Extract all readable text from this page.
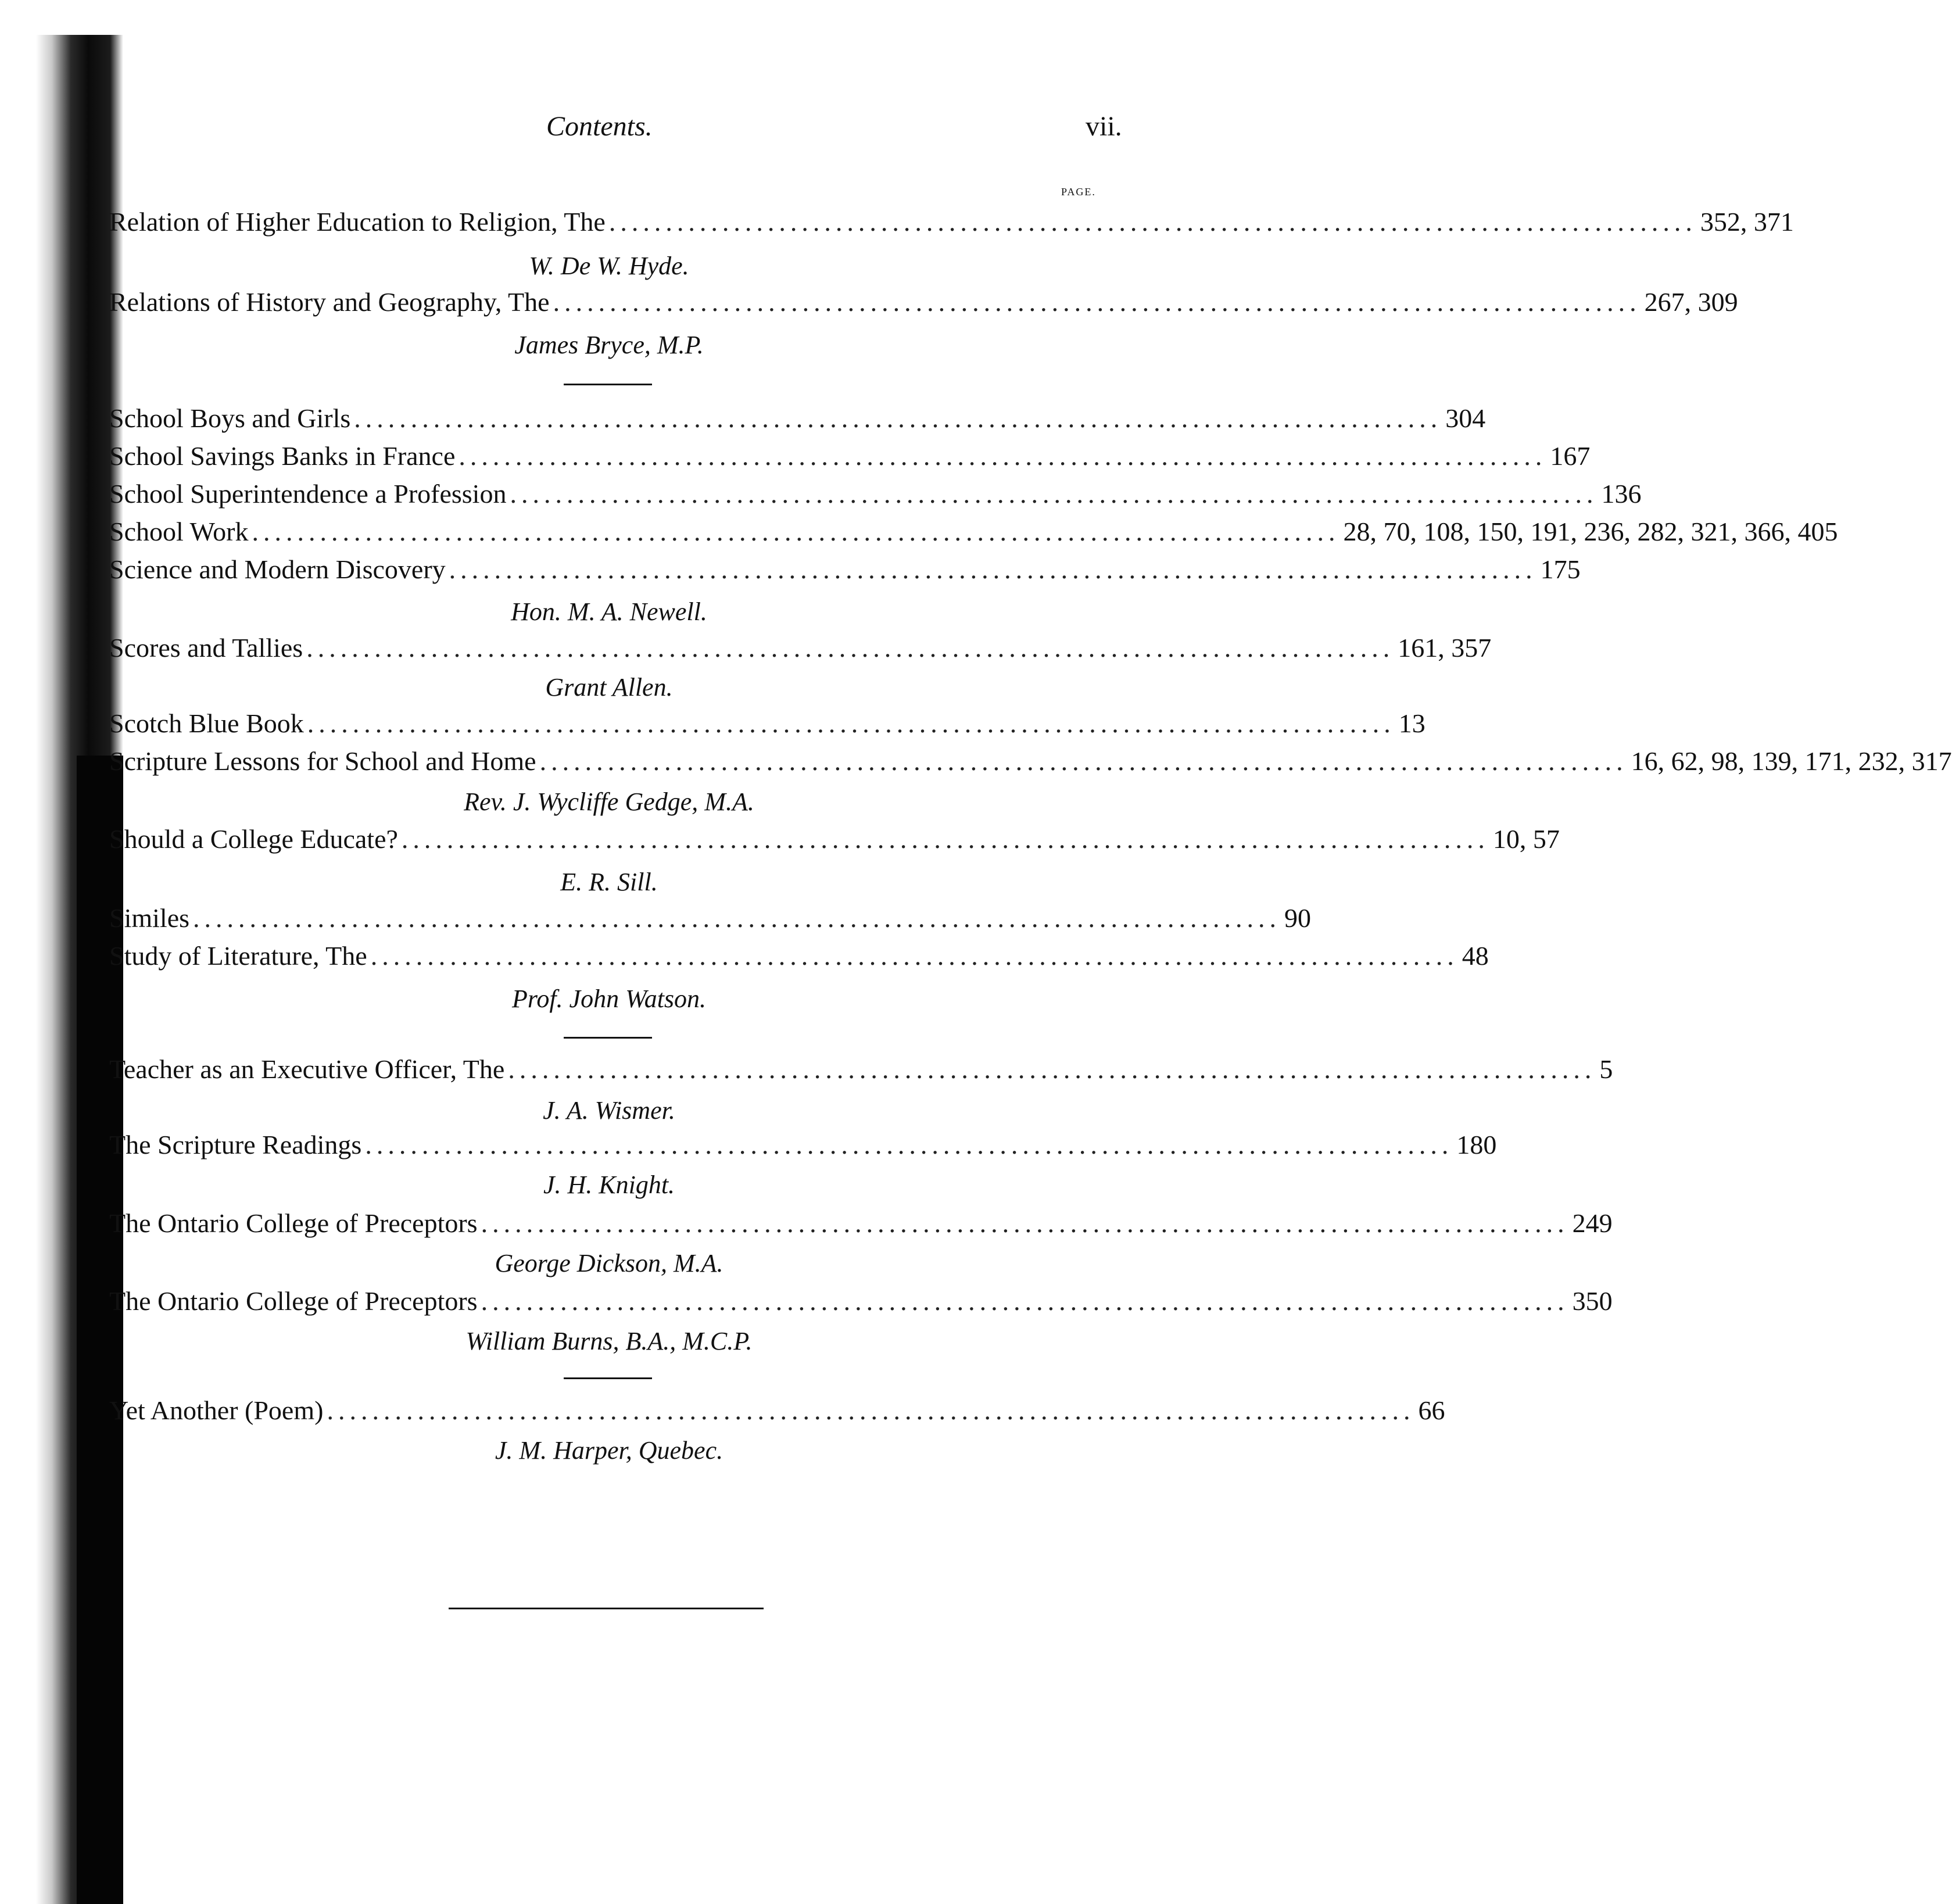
Contents.	vii.
PAGE.
Relation of Higher Education to Religion, The ................................................................................................ 352, 371
W. De W. Hyde.
Relations of History and Geography, The ................................................................................................ 267, 309
James Bryce, M.P.
School Boys and Girls ................................................................................................ 304
School Savings Banks in France ................................................................................................ 167
School Superintendence a Profession ................................................................................................ 136
School Work ................................................................................................ 28, 70, 108, 150, 191, 236, 282, 321, 366, 405
Science and Modern Discovery ................................................................................................ 175
Hon. M. A. Newell.
Scores and Tallies ................................................................................................ 161, 357
Grant Allen.
Scotch Blue Book ................................................................................................ 13
Scripture Lessons for School and Home ................................................................................................ 16, 62, 98, 139, 171, 232, 317
Rev. J. Wycliffe Gedge, M.A.
Should a College Educate? ................................................................................................ 10, 57
E. R. Sill.
Similes ................................................................................................ 90
Study of Literature, The ................................................................................................ 48
Prof. John Watson.
Teacher as an Executive Officer, The ................................................................................................ 5
J. A. Wismer.
The Scripture Readings ................................................................................................ 180
J. H. Knight.
The Ontario College of Preceptors ................................................................................................ 249
George Dickson, M.A.
The Ontario College of Preceptors ................................................................................................ 350
William Burns, B.A., M.C.P.
Yet Another (Poem) ................................................................................................ 66
J. M. Harper, Quebec.
